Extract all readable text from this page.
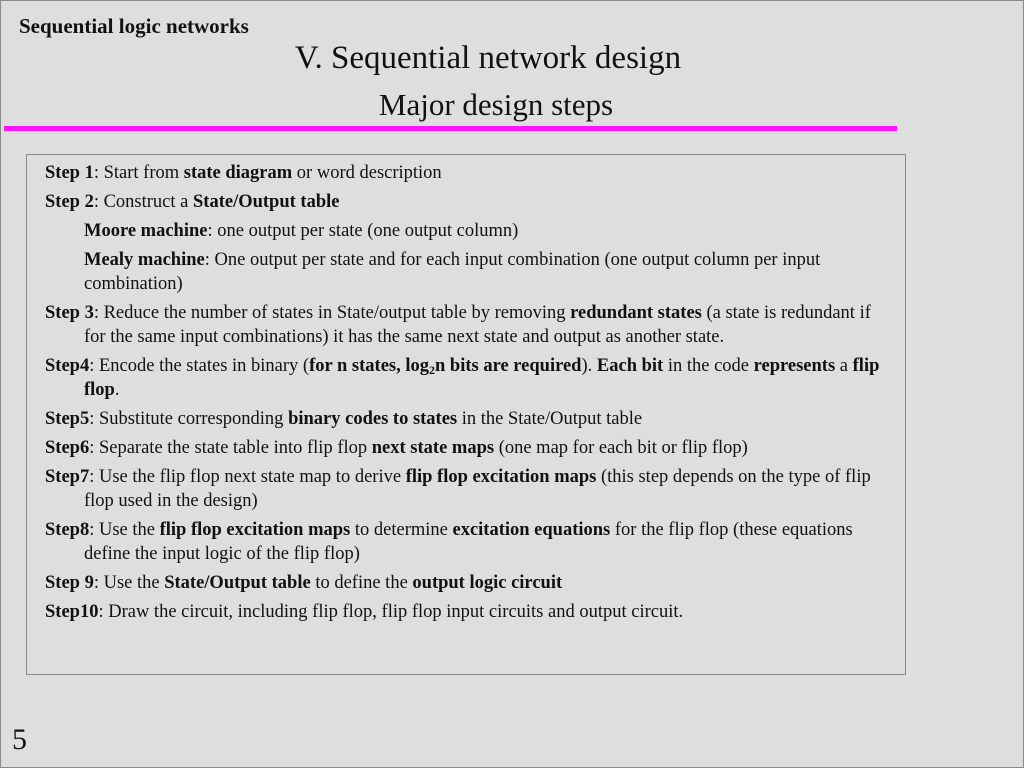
Sequential logic networks
V. Sequential network design
Major design steps
Step 1: Start from state diagram or word description
Step 2: Construct a State/Output table
Moore machine: one output per state (one output column)
Mealy machine: One output per state and for each input combination (one output column per input combination)
Step 3: Reduce the number of states in State/output table by removing redundant states (a state is redundant if for the same input combinations) it has the same next state and output as another state.
Step4: Encode the states in binary (for n states, $\log_2n$ bits are required). Each bit in the code represents a flip flop.
Step5: Substitute corresponding binary codes to states in the State/Output table
Step6: Separate the state table into flip flop next state maps (one map for each bit or flip flop)
Step7: Use the flip flop next state map to derive flip flop excitation maps (this step depends on the type of flip flop used in the design)
Step8: Use the flip flop excitation maps to determine excitation equations for the flip flop (these equations define the input logic of the flip flop)
Step 9: Use the State/Output table to define the output logic circuit
Step10: Draw the circuit, including flip flop, flip flop input circuits and output circuit.
5
